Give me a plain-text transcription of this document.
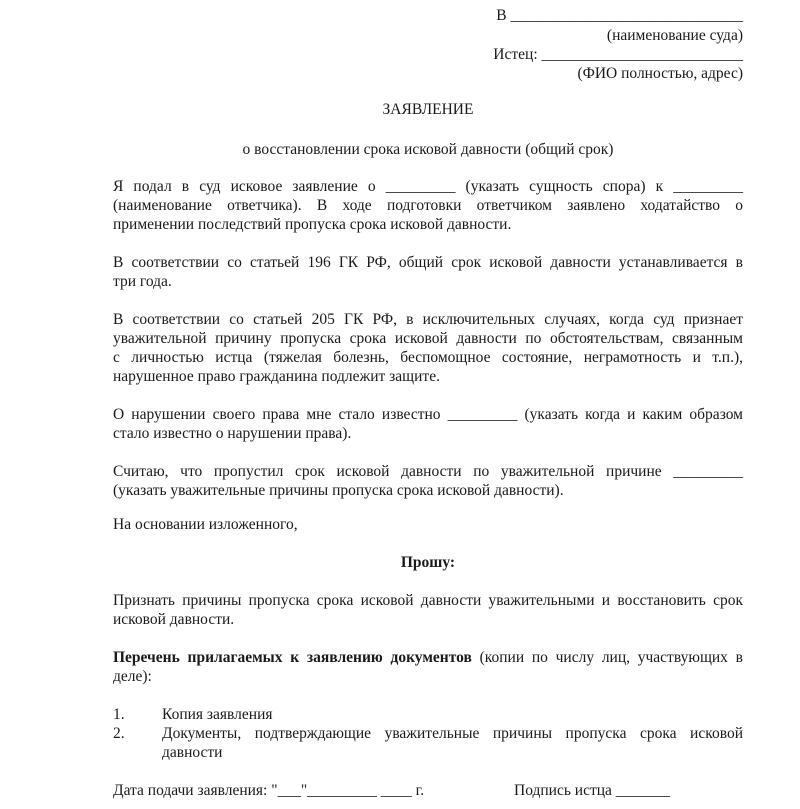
В ______________________________
(наименование суда)
Истец: __________________________
(ФИО полностью, адрес)
ЗАЯВЛЕНИЕ
о восстановлении срока исковой давности (общий срок)
Я подал в суд исковое заявление о _________ (указать сущность спора) к _________
(наименование ответчика). В ходе подготовки ответчиком заявлено ходатайство о
применении последствий пропуска срока исковой давности.
В соответствии со статьей 196 ГК РФ, общий срок исковой давности устанавливается в
три года.
В соответствии со статьей 205 ГК РФ, в исключительных случаях, когда суд признает
уважительной причину пропуска срока исковой давности по обстоятельствам, связанным
с личностью истца (тяжелая болезнь, беспомощное состояние, неграмотность и т.п.),
нарушенное право гражданина подлежит защите.
О нарушении своего права мне стало известно _________ (указать когда и каким образом
стало известно о нарушении права).
Считаю, что пропустил срок исковой давности по уважительной причине _________
(указать уважительные причины пропуска срока исковой давности).
На основании изложенного,
Прошу:
Признать причины пропуска срока исковой давности уважительными и восстановить срок
исковой давности.
Перечень прилагаемых к заявлению документов (копии по числу лиц, участвующих в
деле):
1. Копия заявления
2. Документы, подтверждающие уважительные причины пропуска срока исковой
давности
Дата подачи заявления: "___"_________ ____ г.	Подпись истца _______
